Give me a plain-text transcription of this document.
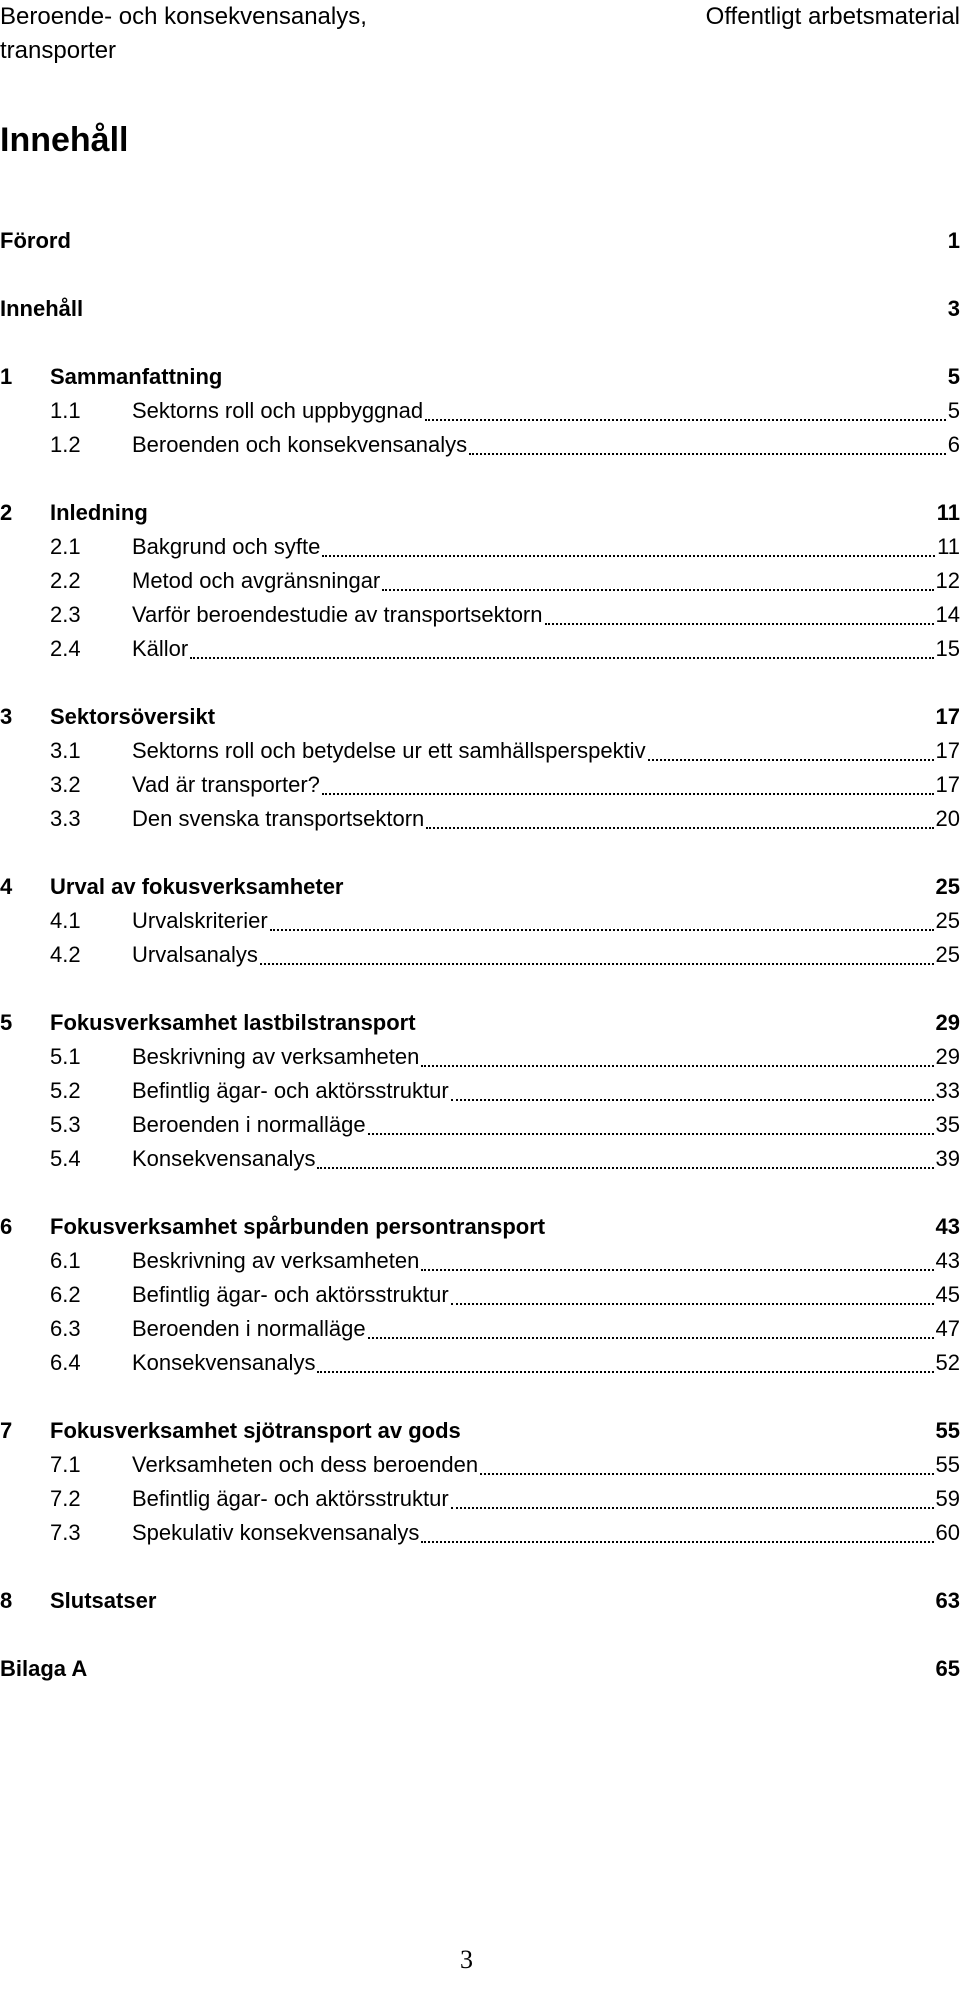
Beroende- och konsekvensanalys,
transporter
Offentligt arbetsmaterial
Innehåll
Förord	1
Innehåll	3
1 Sammanfattning	5
1.1 Sektorns roll och uppbyggnad	5
1.2 Beroenden och konsekvensanalys	6
2 Inledning	11
2.1 Bakgrund och syfte	11
2.2 Metod och avgränsningar	12
2.3 Varför beroendestudie av transportsektorn	14
2.4 Källor	15
3 Sektorsöversikt	17
3.1 Sektorns roll och betydelse ur ett samhällsperspektiv	17
3.2 Vad är transporter?	17
3.3 Den svenska transportsektorn	20
4 Urval av fokusverksamheter	25
4.1 Urvalskriterier	25
4.2 Urvalsanalys	25
5 Fokusverksamhet lastbilstransport	29
5.1 Beskrivning av verksamheten	29
5.2 Befintlig ägar- och aktörsstruktur	33
5.3 Beroenden i normalläge	35
5.4 Konsekvensanalys	39
6 Fokusverksamhet spårbunden persontransport	43
6.1 Beskrivning av verksamheten	43
6.2 Befintlig ägar- och aktörsstruktur	45
6.3 Beroenden i normalläge	47
6.4 Konsekvensanalys	52
7 Fokusverksamhet sjötransport av gods	55
7.1 Verksamheten och dess beroenden	55
7.2 Befintlig ägar- och aktörsstruktur	59
7.3 Spekulativ konsekvensanalys	60
8 Slutsatser	63
Bilaga A	65
3
